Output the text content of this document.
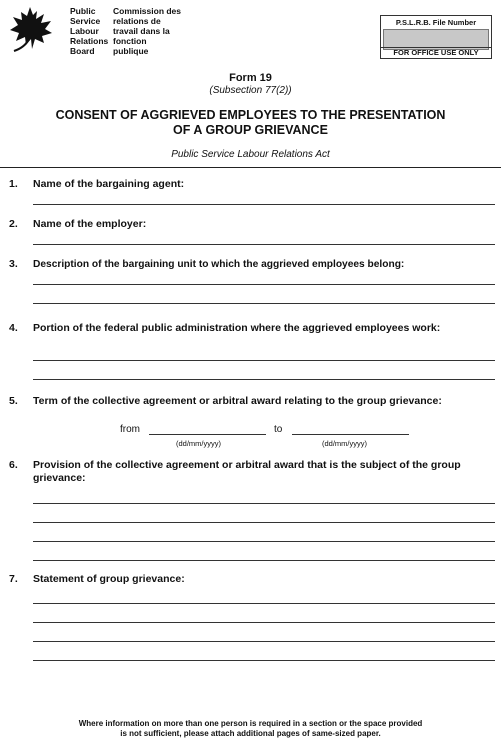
Public
Service
Labour
Relations
Board
Commission des
relations de
travail dans la
fonction
publique
P.S.L.R.B. File Number
FOR OFFICE USE ONLY
Form 19
(Subsection 77(2))
CONSENT OF AGGRIEVED EMPLOYEES TO THE PRESENTATION
OF A GROUP GRIEVANCE
Public Service Labour Relations Act
1. Name of the bargaining agent:
2. Name of the employer:
3. Description of the bargaining unit to which the aggrieved employees belong:
4. Portion of the federal public administration where the aggrieved employees work:
5. Term of the collective agreement or arbitral award relating to the group grievance:
from	to
(dd/mm/yyyy)	(dd/mm/yyyy)
6. Provision of the collective agreement or arbitral award that is the subject of the group grievance:
7. Statement of group grievance:
Where information on more than one person is required in a section or the space provided
is not sufficient, please attach additional pages of same-sized paper.
